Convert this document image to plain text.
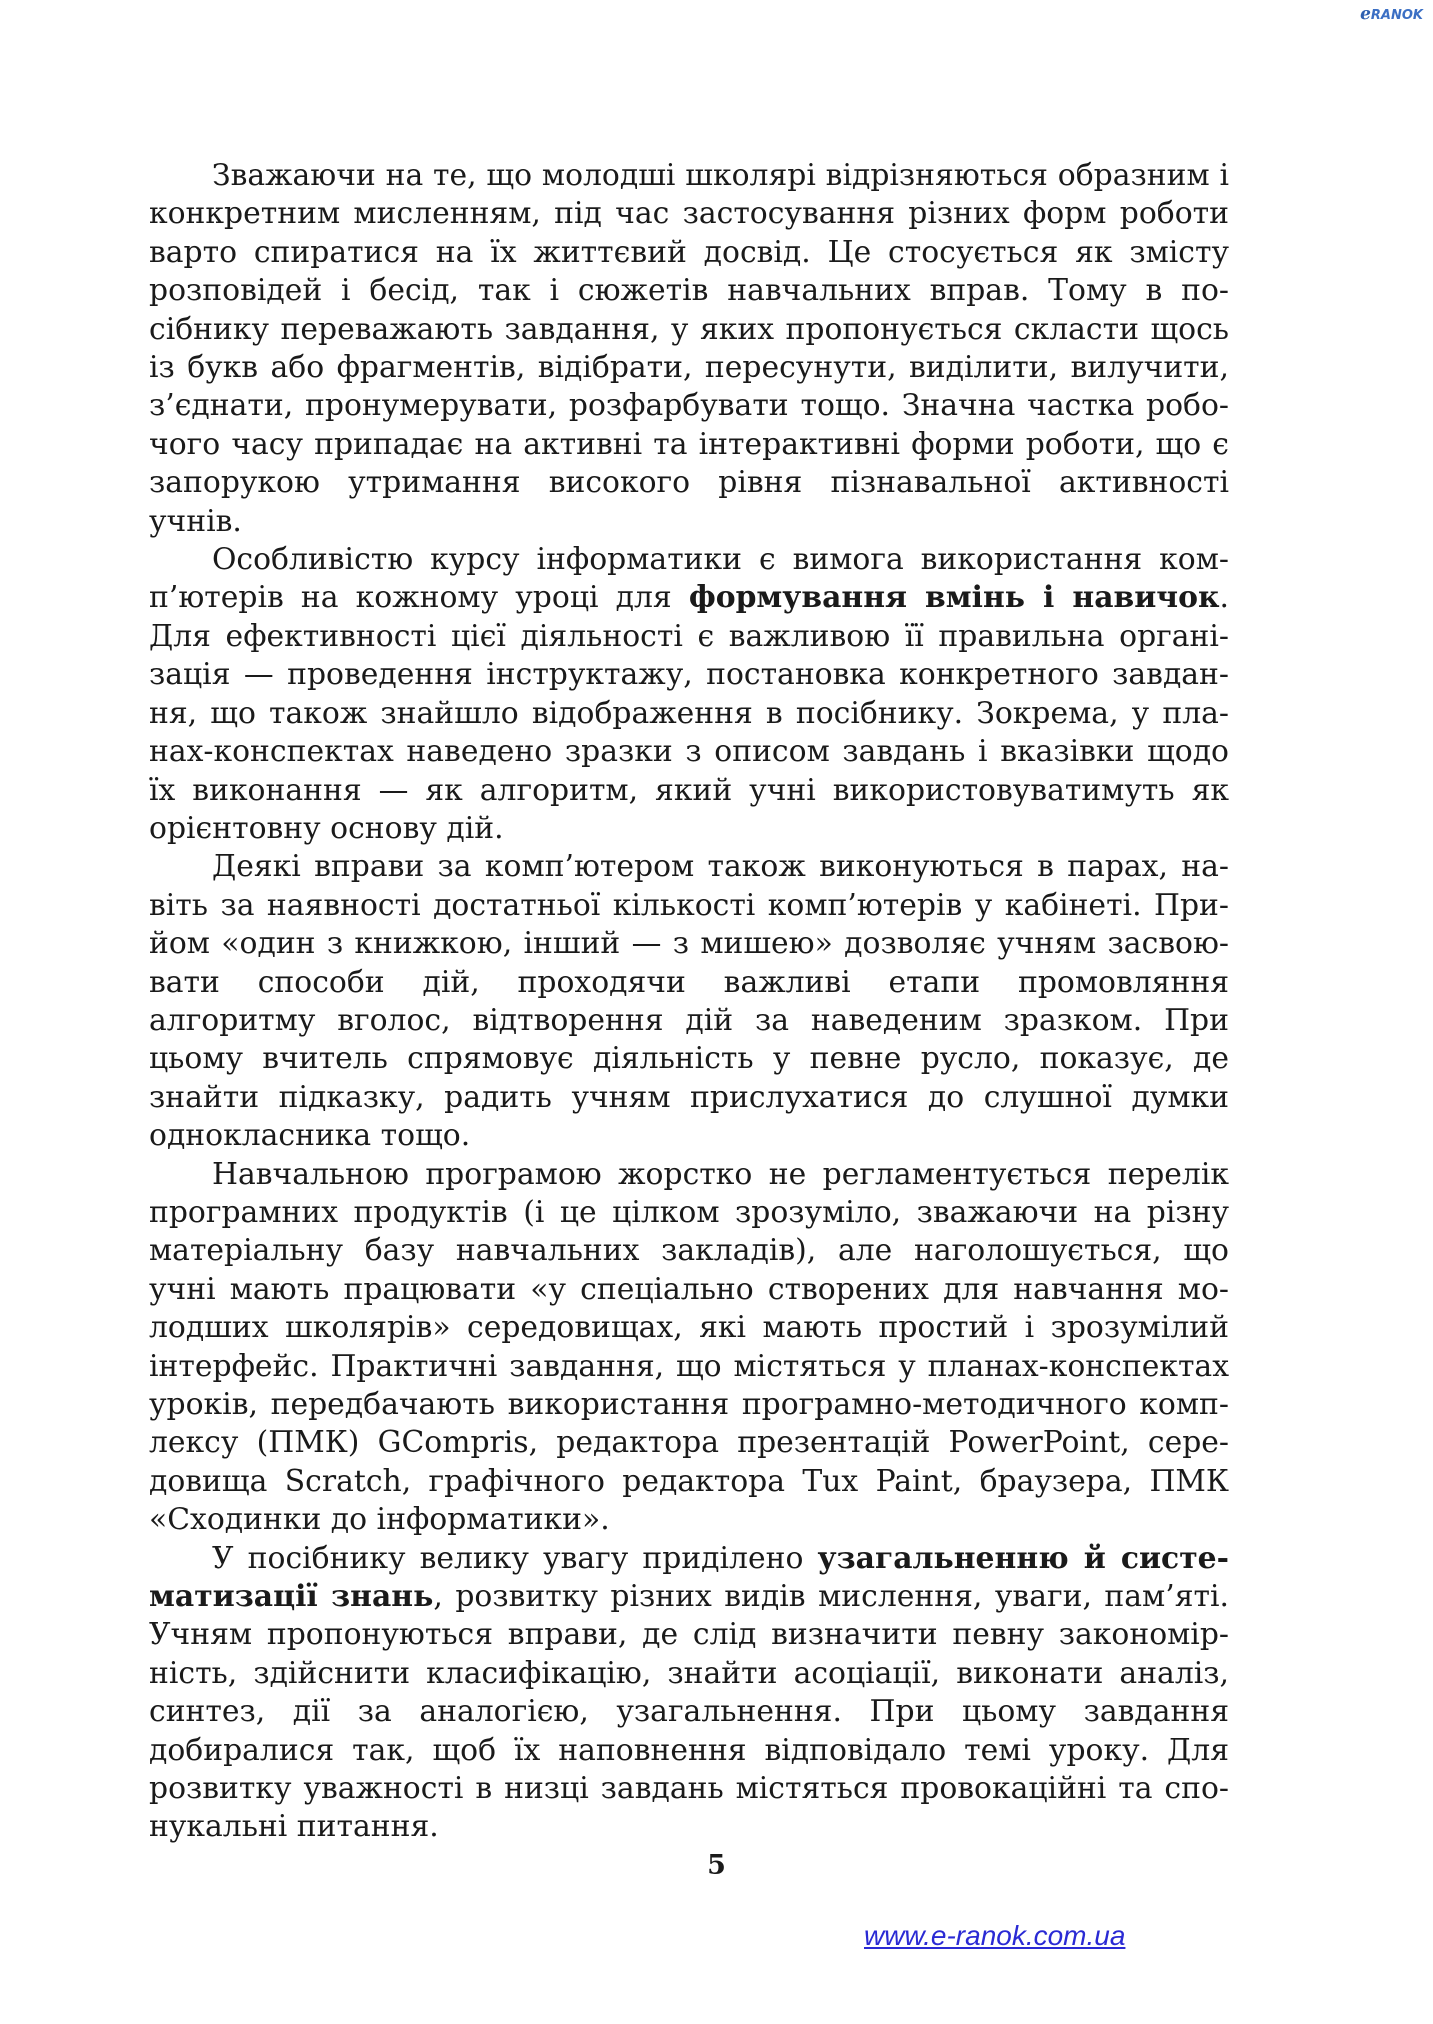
ℯRANOK

Зважаючи на те, що молодші школярі відрізняються образним і конкретним мисленням, під час застосування різних форм роботи варто спиратися на їх життєвий досвід. Це стосується як змісту розповідей і бесід, так і сюжетів навчальних вправ. Тому в посібнику переважають завдання, у яких пропонується скласти щось із букв або фрагментів, відібрати, пересунути, виділити, вилучити, з’єднати, пронумерувати, розфарбувати тощо. Значна частка робочого часу припадає на активні та інтерактивні форми роботи, що є запорукою утримання високого рівня пізнавальної активності учнів.

Особливістю курсу інформатики є вимога використання комп’ютерів на кожному уроці для формування вмінь і навичок. Для ефективності цієї діяльності є важливою її правильна організація — проведення інструктажу, постановка конкретного завдання, що також знайшло відображення в посібнику. Зокрема, у планах-конспектах наведено зразки з описом завдань і вказівки щодо їх виконання — як алгоритм, який учні використовуватимуть як орієнтовну основу дій.

Деякі вправи за комп’ютером також виконуються в парах, навіть за наявності достатньої кількості комп’ютерів у кабінеті. Прийом «один з книжкою, інший — з мишею» дозволяє учням засвоювати способи дій, проходячи важливі етапи промовляння алгоритму вголос, відтворення дій за наведеним зразком. При цьому вчитель спрямовує діяльність у певне русло, показує, де знайти підказку, радить учням прислухатися до слушної думки однокласника тощо.

Навчальною програмою жорстко не регламентується перелік програмних продуктів (і це цілком зрозуміло, зважаючи на різну матеріальну базу навчальних закладів), але наголошується, що учні мають працювати «у спеціально створених для навчання молодших школярів» середовищах, які мають простий і зрозумілий інтерфейс. Практичні завдання, що містяться у планах-конспектах уроків, передбачають використання програмно-методичного комплексу (ПМК) GCompris, редактора презентацій PowerPoint, середовища Scratch, графічного редактора Tux Paint, браузера, ПМК «Сходинки до інформатики».

У посібнику велику увагу приділено узагальненню й систематизації знань, розвитку різних видів мислення, уваги, пам’яті. Учням пропонуються вправи, де слід визначити певну закономірність, здійснити класифікацію, знайти асоціації, виконати аналіз, синтез, дії за аналогією, узагальнення. При цьому завдання добиралися так, щоб їх наповнення відповідало темі уроку. Для розвитку уважності в низці завдань містяться провокаційні та спонукальні питання.

5
www.e-ranok.com.ua
